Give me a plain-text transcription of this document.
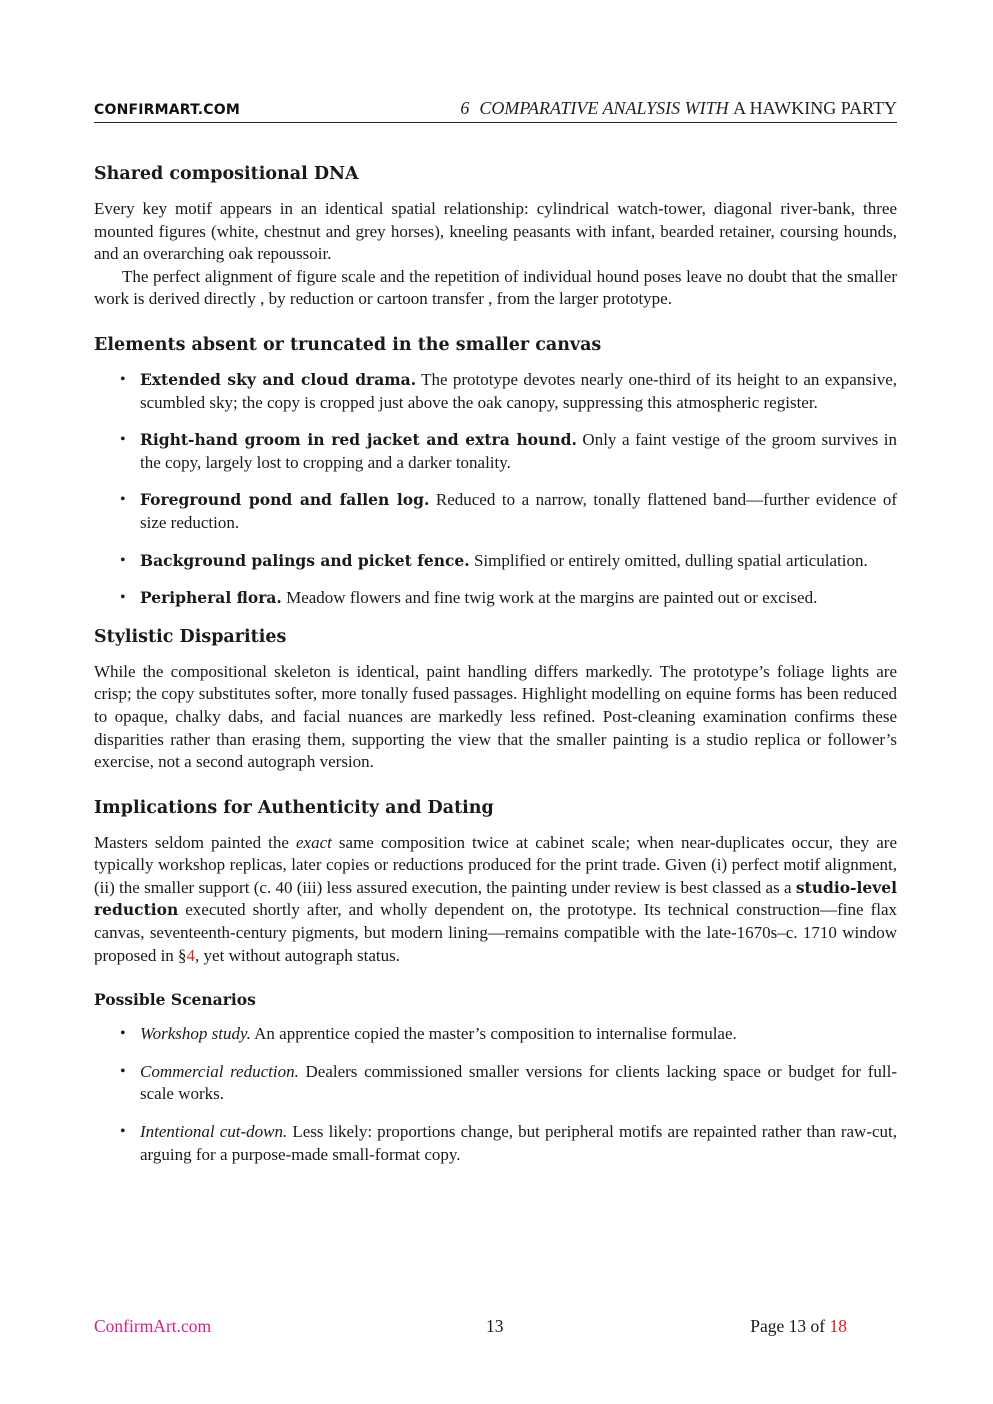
CONFIRMART.COM	6 COMPARATIVE ANALYSIS WITH A HAWKING PARTY
Shared compositional DNA

Every key motif appears in an identical spatial relationship: cylindrical watch-tower, diagonal river-bank, three mounted figures (white, chestnut and grey horses), kneeling peasants with infant, bearded retainer, coursing hounds, and an overarching oak repoussoir.

The perfect alignment of figure scale and the repetition of individual hound poses leave no doubt that the smaller work is derived directly , by reduction or cartoon transfer , from the larger prototype.

Elements absent or truncated in the smaller canvas
• Extended sky and cloud drama. The prototype devotes nearly one-third of its height to an expansive, scumbled sky; the copy is cropped just above the oak canopy, suppressing this atmospheric register.
• Right-hand groom in red jacket and extra hound. Only a faint vestige of the groom survives in the copy, largely lost to cropping and a darker tonality.
• Foreground pond and fallen log. Reduced to a narrow, tonally flattened band—further evidence of size reduction.
• Background palings and picket fence. Simplified or entirely omitted, dulling spatial articulation.
• Peripheral flora. Meadow flowers and fine twig work at the margins are painted out or excised.
Stylistic Disparities

While the compositional skeleton is identical, paint handling differs markedly. The prototype’s foliage lights are crisp; the copy substitutes softer, more tonally fused passages. Highlight modelling on equine forms has been reduced to opaque, chalky dabs, and facial nuances are markedly less refined. Post-cleaning examination confirms these disparities rather than erasing them, supporting the view that the smaller painting is a studio replica or follower’s exercise, not a second autograph version.

Implications for Authenticity and Dating

Masters seldom painted the exact same composition twice at cabinet scale; when near-duplicates occur, they are typically workshop replicas, later copies or reductions produced for the print trade. Given (i) perfect motif alignment, (ii) the smaller support (c. 40 (iii) less assured execution, the painting under review is best classed as a studio-level reduction executed shortly after, and wholly dependent on, the prototype. Its technical construction—fine flax canvas, seventeenth-century pigments, but modern lining—remains compatible with the late-1670s–c. 1710 window proposed in §4, yet without autograph status.

Possible Scenarios
• Workshop study. An apprentice copied the master’s composition to internalise formulae.
• Commercial reduction. Dealers commissioned smaller versions for clients lacking space or budget for full-scale works.
• Intentional cut-down. Less likely: proportions change, but peripheral motifs are repainted rather than raw-cut, arguing for a purpose-made small-format copy.
ConfirmArt.com	13	Page 13 of 18
